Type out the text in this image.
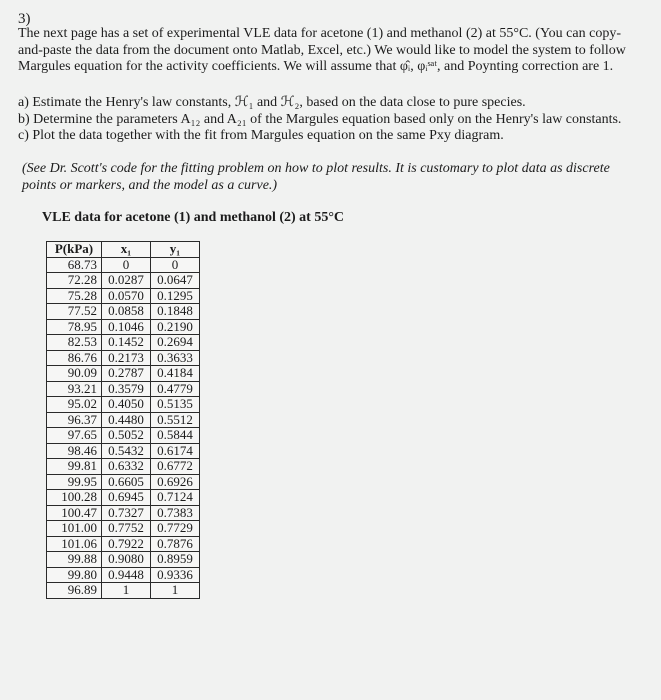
3)

The next page has a set of experimental VLE data for acetone (1) and methanol (2) at 55°C. (You can copy-and-paste the data from the document onto Matlab, Excel, etc.) We would like to model the system to follow Margules equation for the activity coefficients. We will assume that φ̂ᵢ, φᵢˢᵃᵗ, and Poynting correction are 1.

a) Estimate the Henry's law constants, ℋ₁ and ℋ₂, based on the data close to pure species.
b) Determine the parameters A₁₂ and A₂₁ of the Margules equation based only on the Henry's law constants.
c) Plot the data together with the fit from Margules equation on the same Pxy diagram.

(See Dr. Scott's code for the fitting problem on how to plot results. It is customary to plot data as discrete points or markers, and the model as a curve.)

VLE data for acetone (1) and methanol (2) at 55°C
P(kPa)	x₁	y₁
68.73	0	0
72.28	0.0287	0.0647
75.28	0.0570	0.1295
77.52	0.0858	0.1848
78.95	0.1046	0.2190
82.53	0.1452	0.2694
86.76	0.2173	0.3633
90.09	0.2787	0.4184
93.21	0.3579	0.4779
95.02	0.4050	0.5135
96.37	0.4480	0.5512
97.65	0.5052	0.5844
98.46	0.5432	0.6174
99.81	0.6332	0.6772
99.95	0.6605	0.6926
100.28	0.6945	0.7124
100.47	0.7327	0.7383
101.00	0.7752	0.7729
101.06	0.7922	0.7876
99.88	0.9080	0.8959
99.80	0.9448	0.9336
96.89	1	1
